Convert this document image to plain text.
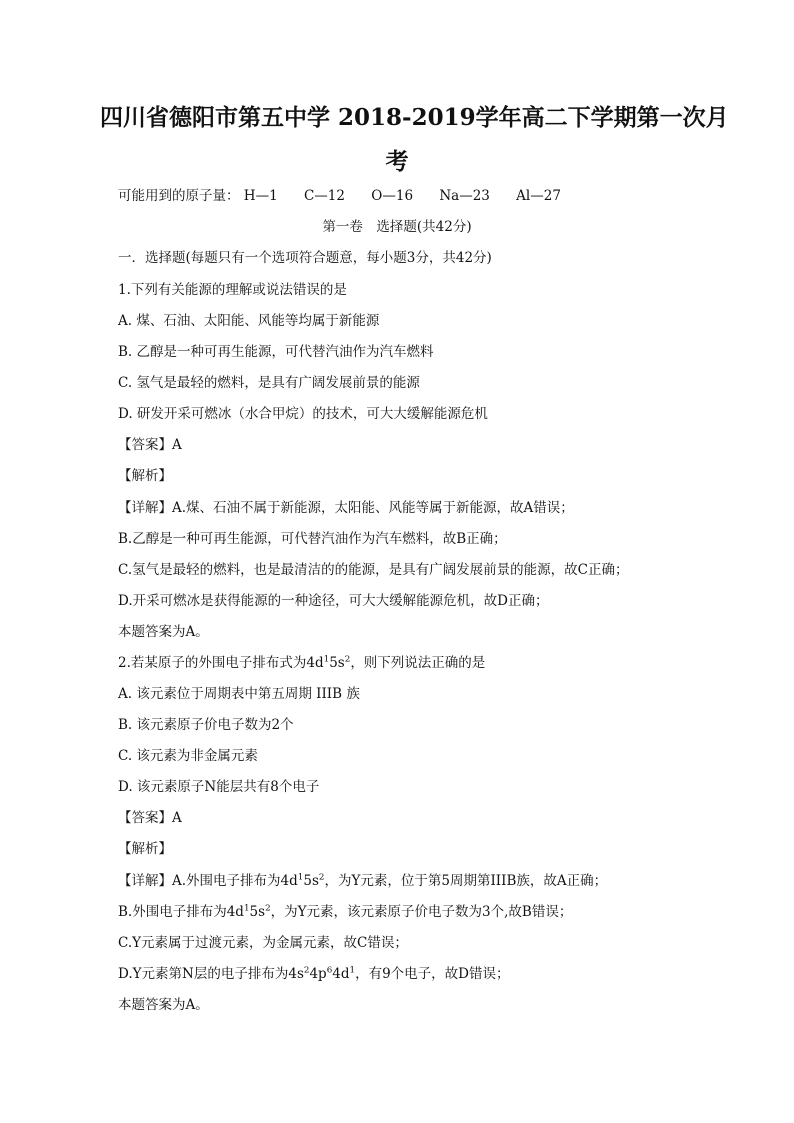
四川省德阳市第五中学 2018-2019学年高二下学期第一次月
考
可能用到的原子量： H—1 C—12 O—16 Na—23 Al—27
第一卷　选择题(共42分)
一．选择题(每题只有一个选项符合题意，每小题3分，共42分)
1.下列有关能源的理解或说法错误的是
A. 煤、石油、太阳能、风能等均属于新能源
B. 乙醇是一种可再生能源，可代替汽油作为汽车燃料
C. 氢气是最轻的燃料，是具有广阔发展前景的能源
D. 研发开采可燃冰（水合甲烷）的技术，可大大缓解能源危机
【答案】A
【解析】
【详解】A.煤、石油不属于新能源，太阳能、风能等属于新能源，故A错误；
B.乙醇是一种可再生能源，可代替汽油作为汽车燃料，故B正确；
C.氢气是最轻的燃料，也是最清洁的的能源，是具有广阔发展前景的能源，故C正确；
D.开采可燃冰是获得能源的一种途径，可大大缓解能源危机，故D正确；
本题答案为A。
2.若某原子的外围电子排布式为$4d^15s^2$，则下列说法正确的是
A. 该元素位于周期表中第五周期 IIIB 族
B. 该元素原子价电子数为2个
C. 该元素为非金属元素
D. 该元素原子N能层共有8个电子
【答案】A
【解析】
【详解】A.外围电子排布为$4d^15s^2$，为Y元素，位于第5周期第IIIB族，故A正确；
B.外围电子排布为$4d^15s^2$，为Y元素，该元素原子价电子数为3个,故B错误；
C.Y元素属于过渡元素，为金属元素，故C错误；
D.Y元素第N层的电子排布为$4s^24p^64d^1$，有9个电子，故D错误；
本题答案为A。
